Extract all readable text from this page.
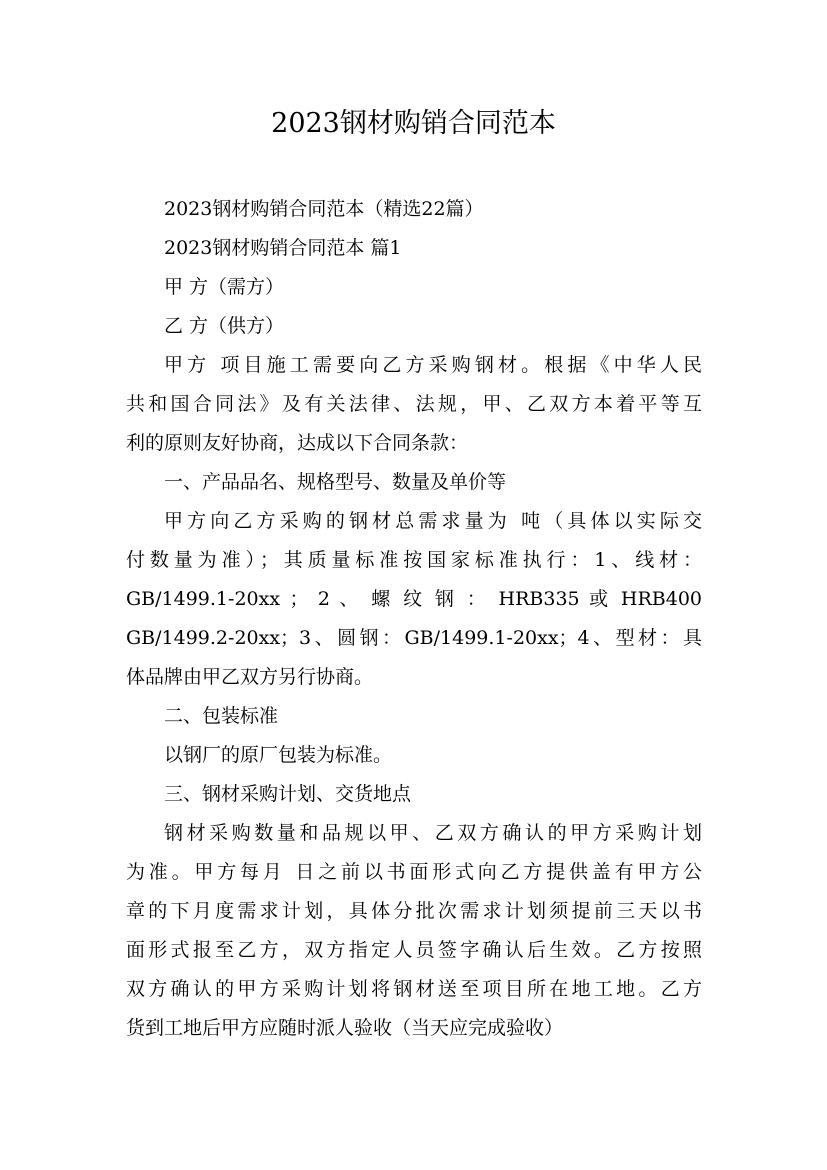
2023钢材购销合同范本
2023钢材购销合同范本（精选22篇）
2023钢材购销合同范本 篇1
甲 方（需方）
乙 方（供方）
甲方 项目施工需要向乙方采购钢材。根据《中华人民
共和国合同法》及有关法律、法规，甲、乙双方本着平等互
利的原则友好协商，达成以下合同条款：
一、产品品名、规格型号、数量及单价等
甲方向乙方采购的钢材总需求量为 吨（具体以实际交
付数量为准）；其质量标准按国家标准执行：1、线材：
GB/1499.1-20xx ； 2 、 螺 纹 钢 ： HRB335 或 HRB400
GB/1499.2-20xx；3、圆钢：GB/1499.1-20xx；4、型材：具
体品牌由甲乙双方另行协商。
二、包装标准
以钢厂的原厂包装为标准。
三、钢材采购计划、交货地点
钢材采购数量和品规以甲、乙双方确认的甲方采购计划
为准。甲方每月 日之前以书面形式向乙方提供盖有甲方公
章的下月度需求计划，具体分批次需求计划须提前三天以书
面形式报至乙方，双方指定人员签字确认后生效。乙方按照
双方确认的甲方采购计划将钢材送至项目所在地工地。乙方
货到工地后甲方应随时派人验收（当天应完成验收）
